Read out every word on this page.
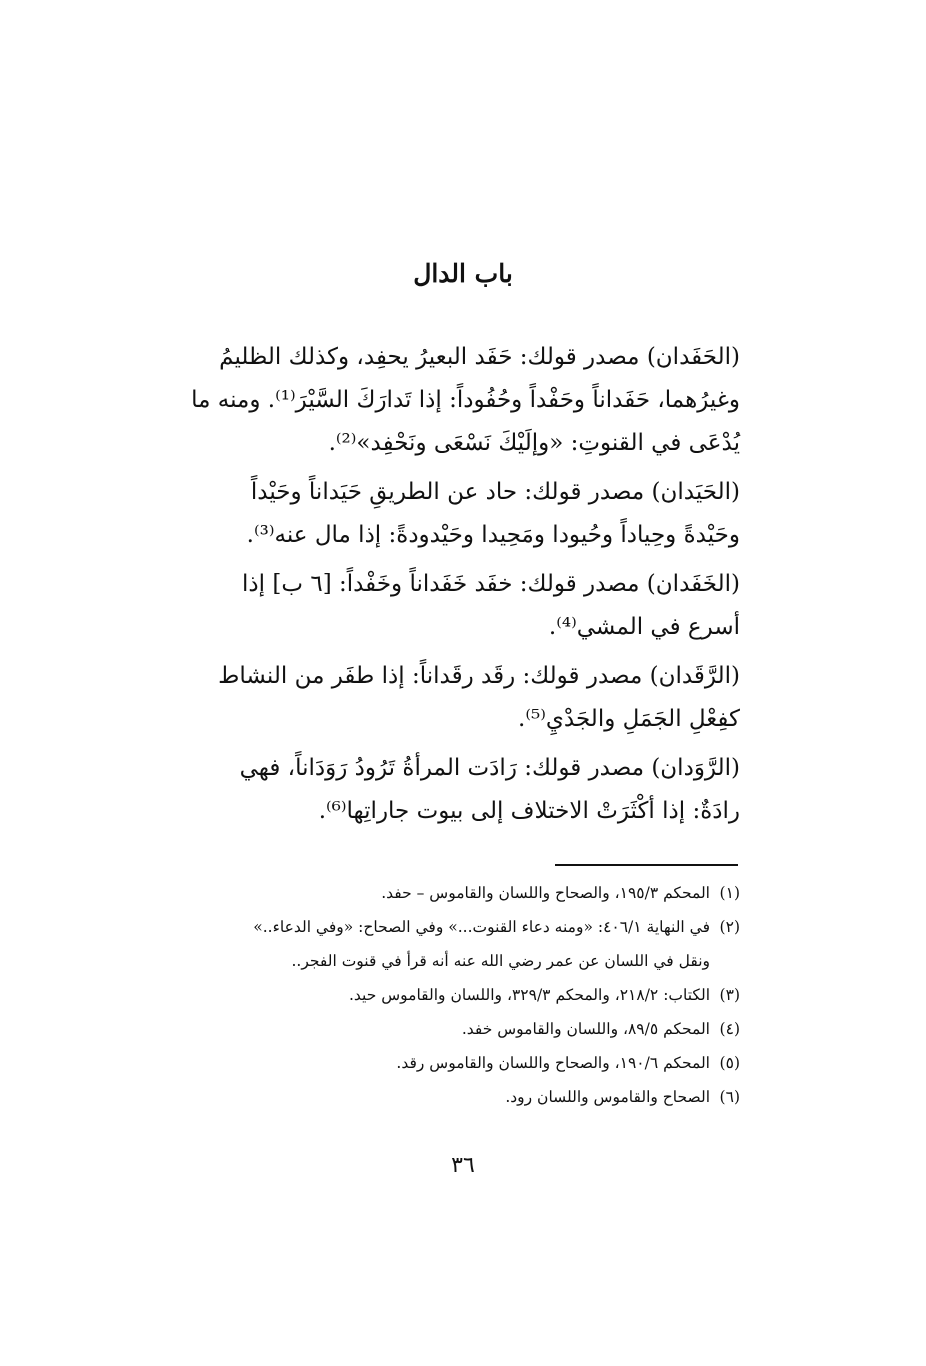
باب الدال

(الحَفَدان) مصدر قولك: حَفَد البعيرُ يحفِد، وكذلك الظليمُ
وغيرُهما، حَفَداناً وحَفْداً وحُفُوداً: إذا تَدارَكَ السَّيْرَ⁽¹⁾. ومنه ما
يُدْعَى في القنوتِ: «وإلَيْكَ نَسْعَى ونَحْفِد»⁽²⁾.

(الحَيَدان) مصدر قولك: حاد عن الطريقِ حَيَداناً وحَيْداً
وحَيْدةً وحِياداً وحُيودا ومَحِيدا وحَيْدودةً: إذا مال عنه⁽³⁾.

(الخَفَدان) مصدر قولك: خفَد خَفَداناً وخَفْداً: [٦ ب] إذا
أسرع في المشي⁽⁴⁾.

(الرَّقَدان) مصدر قولك: رقَد رقَداناً: إذا طفَر من النشاط
كفِعْلِ الجَمَلِ والجَدْيِ⁽⁵⁾.

(الرَّوَدان) مصدر قولك: رَادَت المرأةُ تَرُودُ رَوَدَاناً، فهي
رادَةٌ: إذا أكْثَرَتْ الاختلاف إلى بيوت جاراتِها⁽⁶⁾.

(١)
المحكم ١٩٥/٣، والصحاح واللسان والقاموس – حفد.
(٢)
في النهاية ٤٠٦/١: «ومنه دعاء القنوت...» وفي الصحاح: «وفي الدعاء..»
ونقل في اللسان عن عمر رضي الله عنه أنه قرأ في قنوت الفجر..
(٣)
الكتاب: ٢١٨/٢، والمحكم ٣٢٩/٣، واللسان والقاموس حيد.
(٤)
المحكم ٨٩/٥، واللسان والقاموس خفد.
(٥)
المحكم ١٩٠/٦، والصحاح واللسان والقاموس رقد.
(٦)
الصحاح والقاموس واللسان رود.
٣٦
